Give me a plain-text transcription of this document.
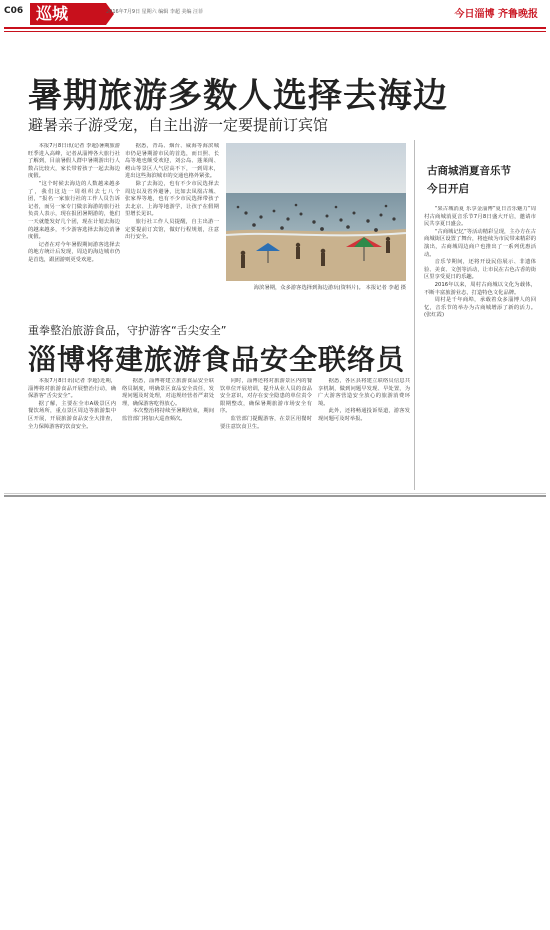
C06 巡城	2016年7月9日 星期六 编辑 李超 美编 汪菲	今日淄博 齐鲁晚报
暑期旅游多数人选择去海边
避暑亲子游受宠，自主出游一定要提前订宾馆

本报7月8日讯(记者 李超)暑期旅游旺季进入高峰，记者从淄博各大旅行社了解到，目前暑假人群中暑期游出行人数占比较大，家长带着孩子一起去海边度假。

“这个时候去海边的人数越来越多了，我们这边一周组织去七八个团，“报名一家旅行社的工作人员告诉记者，而另一家专门做亲海游的旅行社负责人表示，现在报团暑期游的，他们一天就能发好几个团，现在计划去海边的越来越多，不少游客选择去海边消暑度假。

记者在对今年暑假期间游客选择去的地方统计后发现，周边的海边城市仍是首选，跟团游则更受欢迎。

据悉，青岛、烟台、威海等海滨城市仍是暑期游市民的首选，而日照、长岛等地也颇受欢迎，刘公岛、蓬莱阁、崂山等景区人气居高不下，一到周末，进出这些海滨城市的交通也格外紧张。

除了去海边，也有不少市民选择去周边以及省外避暑，比如去凤凰古城、张家界等地，也有不少市民选择带孩子去北京、上海等地游学，让孩子在假期里增长见识。

旅行社工作人员提醒，自主出游一定要提前订宾馆，做好行程规划，注意出行安全。

海滨暑期，众多游客选择到海边游玩(资料片)。 本报记者 李超 摄
古商城消夏音乐节
今日开启

“果古城消夏 乐享金淄博”夏日音乐魅力”周村古商城消夏音乐节7月8日盛大开启，邀请市民共享夏日盛会。

“古商城记忆”等活动精彩呈现，主办方在古商城街区设置了舞台，将连续为市民带来精彩的演出，古商城周边商户也推出了一系列优惠活动。

音乐节期间，还将开设民俗展示、非遗体验、美食、文创等活动，让市民在古色古香的街区里享受夏日的乐趣。

2016年以来，周村古商城以文化为载体，不断丰富旅游业态，打造特色文化品牌。

周村是千年商埠，承载着众多淄博人的回忆，音乐节的举办为古商城增添了新的活力。(张红霞)

重拳整治旅游食品，守护游客“舌尖安全”
淄博将建旅游食品安全联络员

本报7月8日讯(记者 李超)近期，淄博将对旅游食品开展整治行动，确保游客“舌尖安全”。

据了解，主要在全市A级景区内餐饮场所，重点景区周边等旅游集中区开展，开展旅游食品安全大排查，全力保障游客的饮食安全。

据悉，淄博将建立旅游食品安全联络员制度，明确景区食品安全责任，发现问题及时处理，对违规经营者严肃处理，确保游客吃得放心。

本次整治将持续至暑期结束，期间监管部门将加大巡查频次。

同时，淄博还将对旅游景区内的餐饮单位开展培训，提升从业人员的食品安全意识，对存在安全隐患的单位责令限期整改，确保暑期旅游市场安全有序。

监管部门提醒游客，在景区用餐时要注意饮食卫生。

据悉，各区县将建立联络员信息共享机制，做到问题早发现、早处置，为广大游客营造安全放心的旅游消费环境。

此外，还将畅通投诉渠道，游客发现问题可及时举报。
